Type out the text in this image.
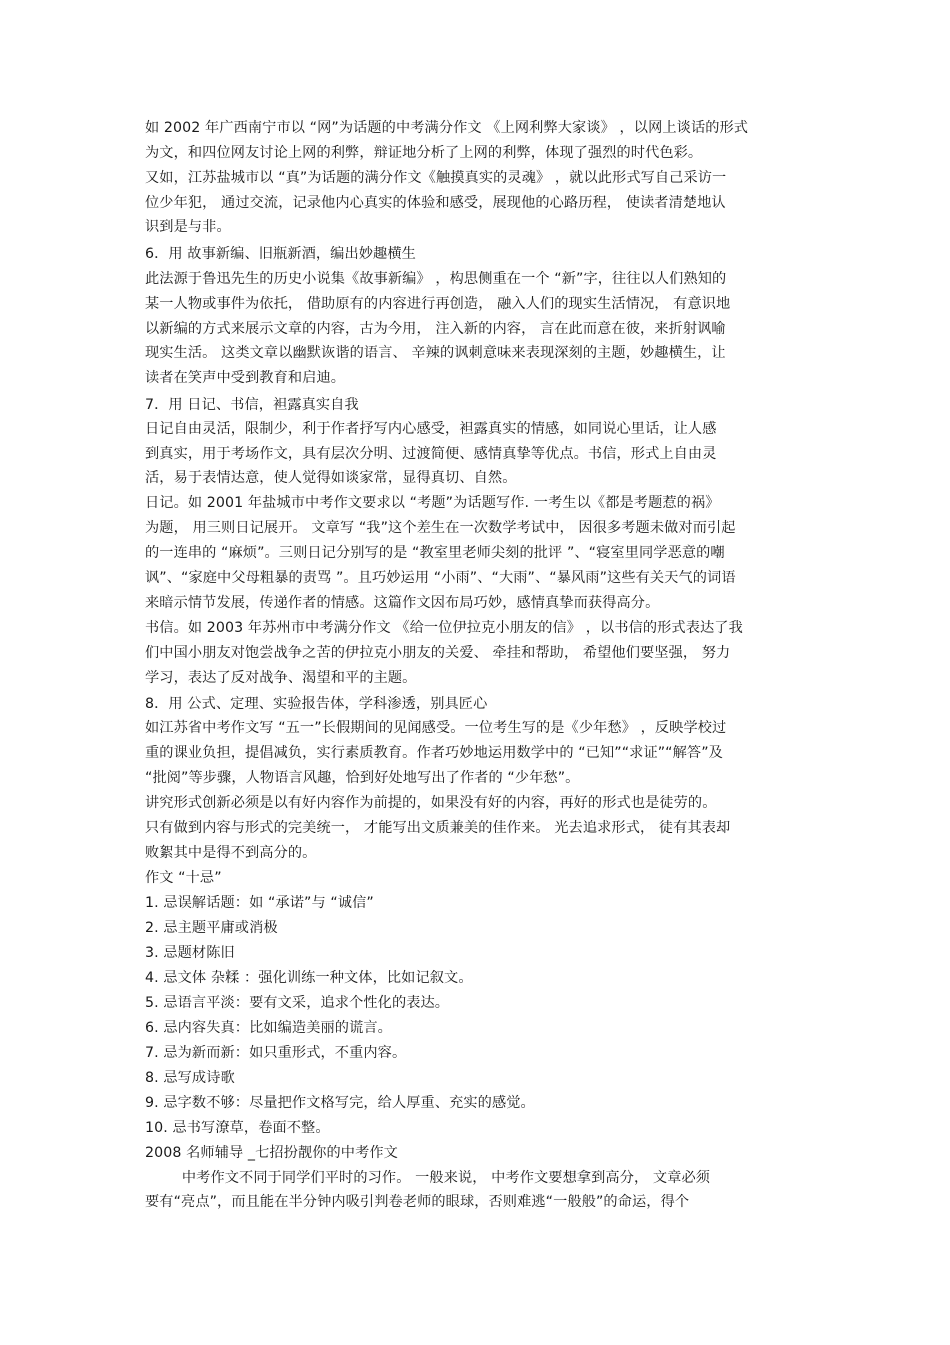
如 2002 年广西南宁市以 “网”为话题的中考满分作文 《上网利弊大家谈》 ，以网上谈话的形式
为文，和四位网友讨论上网的利弊，辩证地分析了上网的利弊，体现了强烈的时代色彩。
又如，江苏盐城市以 “真”为话题的满分作文《触摸真实的灵魂》 ，就以此形式写自己采访一
位少年犯， 通过交流，记录他内心真实的体验和感受，展现他的心路历程， 使读者清楚地认
识到是与非。
6．用 故事新编、旧瓶新酒，编出妙趣横生
此法源于鲁迅先生的历史小说集《故事新编》 ，构思侧重在一个 “新”字，往往以人们熟知的
某一人物或事件为依托， 借助原有的内容进行再创造， 融入人们的现实生活情况， 有意识地
以新编的方式来展示文章的内容，古为今用， 注入新的内容， 言在此而意在彼，来折射讽喻
现实生活。 这类文章以幽默诙谐的语言、 辛辣的讽刺意味来表现深刻的主题，妙趣横生，让
读者在笑声中受到教育和启迪。
7．用 日记、书信，袒露真实自我
日记自由灵活，限制少，利于作者抒写内心感受，袒露真实的情感，如同说心里话，让人感
到真实，用于考场作文，具有层次分明、过渡简便、感情真挚等优点。书信，形式上自由灵
活，易于表情达意，使人觉得如谈家常，显得真切、自然。
日记。如 2001 年盐城市中考作文要求以 “考题”为话题写作. 一考生以《都是考题惹的祸》
为题， 用三则日记展开。 文章写 “我”这个差生在一次数学考试中， 因很多考题未做对而引起
的一连串的 “麻烦”。三则日记分别写的是 “教室里老师尖刻的批评 ”、“寝室里同学恶意的嘲
讽”、“家庭中父母粗暴的责骂 ”。且巧妙运用 “小雨”、“大雨”、“暴风雨”这些有关天气的词语
来暗示情节发展，传递作者的情感。这篇作文因布局巧妙，感情真挚而获得高分。
书信。如 2003 年苏州市中考满分作文 《给一位伊拉克小朋友的信》 ，以书信的形式表达了我
们中国小朋友对饱尝战争之苦的伊拉克小朋友的关爱、 牵挂和帮助， 希望他们要坚强， 努力
学习，表达了反对战争、渴望和平的主题。
8．用 公式、定理、实验报告体，学科渗透，别具匠心
如江苏省中考作文写 “五一”长假期间的见闻感受。一位考生写的是《少年愁》 ，反映学校过
重的课业负担，提倡减负，实行素质教育。作者巧妙地运用数学中的 “已知”“求证”“解答”及
“批阅”等步骤，人物语言风趣，恰到好处地写出了作者的 “少年愁”。
讲究形式创新必须是以有好内容作为前提的，如果没有好的内容，再好的形式也是徒劳的。
只有做到内容与形式的完美统一， 才能写出文质兼美的佳作来。 光去追求形式， 徒有其表却
败絮其中是得不到高分的。
作文 “十忌”
1. 忌误解话题：如 “承诺”与 “诚信”
2. 忌主题平庸或消极
3. 忌题材陈旧
4. 忌文体 杂糅 ：强化训练一种文体，比如记叙文。
5. 忌语言平淡：要有文采，追求个性化的表达。
6. 忌内容失真：比如编造美丽的谎言。
7. 忌为新而新：如只重形式，不重内容。
8. 忌写成诗歌
9. 忌字数不够：尽量把作文格写完，给人厚重、充实的感觉。
10. 忌书写潦草，卷面不整。
2008 名师辅导 _七招扮靓你的中考作文
中考作文不同于同学们平时的习作。 一般来说， 中考作文要想拿到高分， 文章必须
要有“亮点”，而且能在半分钟内吸引判卷老师的眼球，否则难逃“一般般”的命运，得个
